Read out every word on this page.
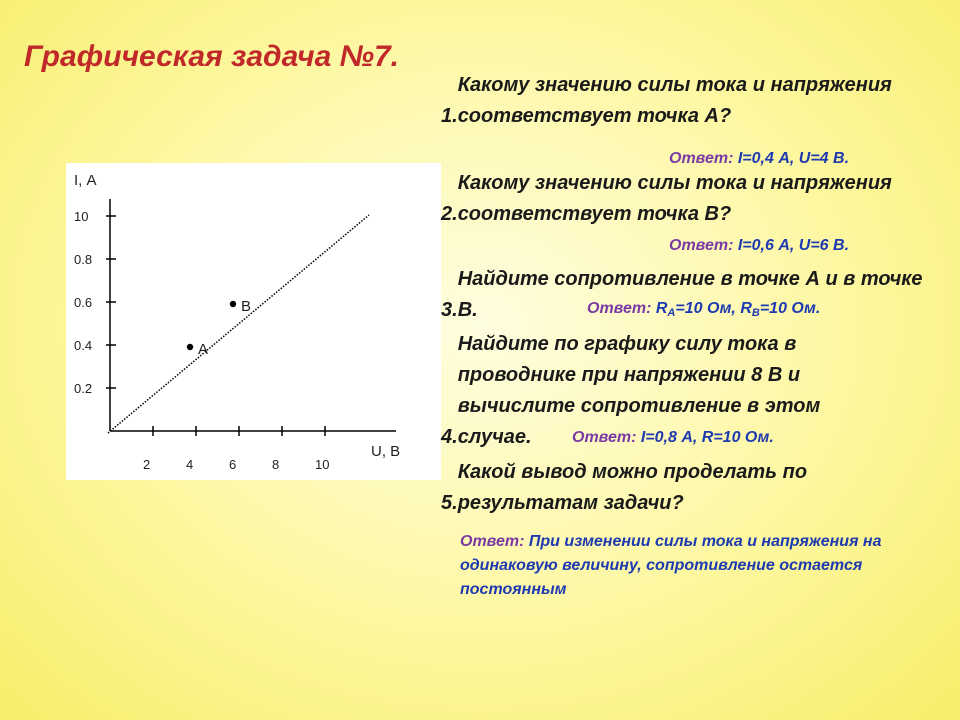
Графическая задача №7.
2	4	6	8	10
0.2
0.4
0.6
0.8
10
А
В
I, А
U, В
1.Какому значению силы тока и напряжения соответствует точка А?
Ответ: I=0,4 А, U=4 В.
2.Какому значению силы тока и напряжения соответствует точка В?
Ответ: I=0,6 А, U=6 В.
3.Найдите сопротивление в точке А и в точке В.	Ответ: $R_A=10$ Ом, $R_B=10$ Ом.
4.Найдите по графику силу тока в проводнике при напряжении 8 В и вычислите сопротивление в этом случае.	Ответ: I=0,8 А, R=10 Ом.
5.Какой вывод можно проделать по результатам задачи?
Ответ: При изменении силы тока и напряжения на одинаковую величину, сопротивление остается постоянным
